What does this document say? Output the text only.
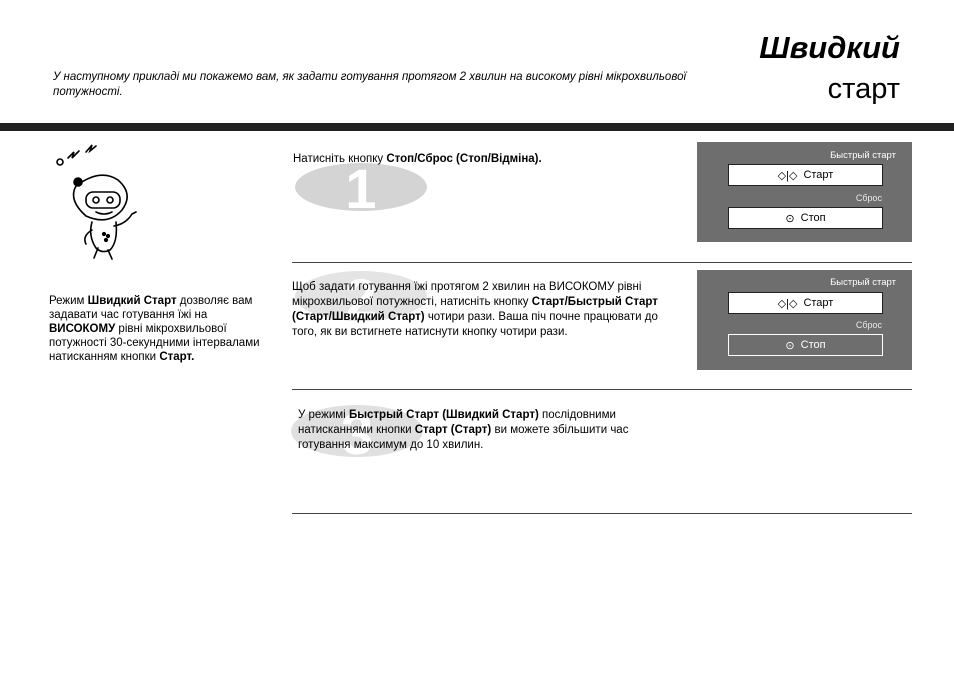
Швидкий
старт
У наступному прикладі ми покажемо вам, як задати готування протягом 2 хвилин на високому рівні мікрохвильової потужності.
Режим Швидкий Старт дозволяє вам задавати час готування їжі на ВИСОКОМУ рівні мікрохвильової потужності 30-секундними інтервалами натисканням кнопки Старт.
1
Натисніть кнопку Стоп/Сброс (Стоп/Відміна).	Быстрый старт
◇|◇ Старт
Сброс
⊙ Стоп
2
Щоб задати готування їжі протягом 2 хвилин на ВИСОКОМУ рівні мікрохвильової потужності, натисніть кнопку Старт/Быстрый Старт (Старт/Швидкий Старт) чотири рази. Ваша піч почне працювати до того, як ви встигнете натиснути кнопку чотири рази.
Быстрый старт
◇|◇ Старт
Сброс
⊙ Стоп
3
У режимі Быстрый Старт (Швидкий Старт) послідовними натисканнями кнопки Старт (Старт) ви можете збільшити час готування максимум до 10 хвилин.
